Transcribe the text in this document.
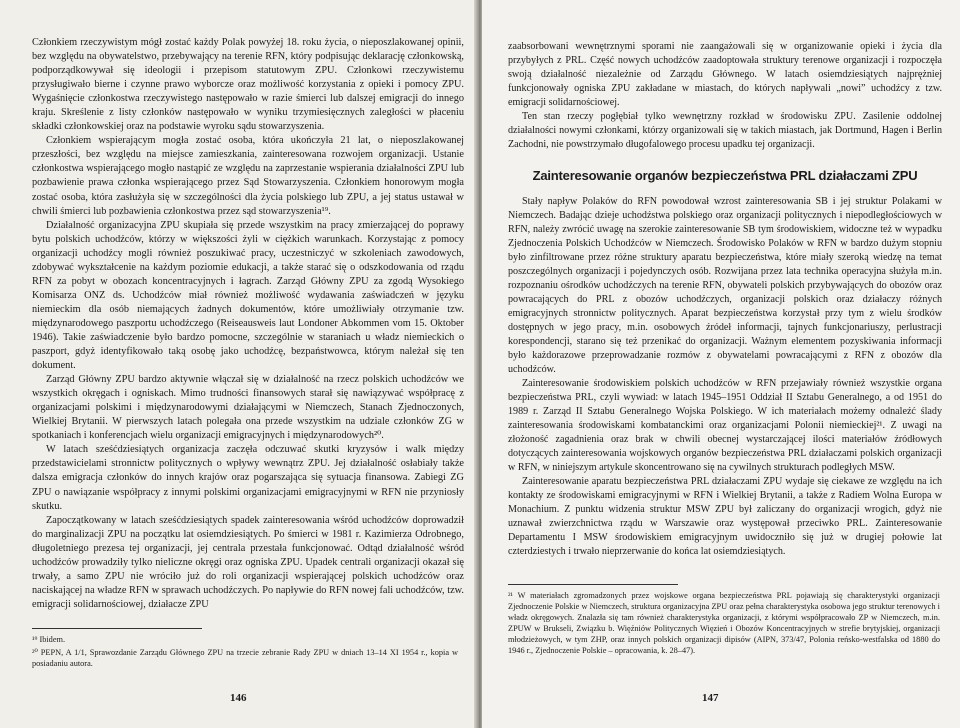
Członkiem rzeczywistym mógł zostać każdy Polak powyżej 18. roku życia, o nieposzlakowanej opinii, bez względu na obywatelstwo, przebywający na terenie RFN, który podpisując deklarację członkowską, podporządkowywał się ideologii i przepisom statutowym ZPU. Członkowi rzeczywistemu przysługiwało bierne i czynne prawo wyborcze oraz możliwość korzystania z opieki i pomocy ZPU. Wygaśnięcie członkostwa rzeczywistego następowało w razie śmierci lub dalszej emigracji do innego kraju. Skreślenie z listy członków następowało w wyniku trzymiesięcznych zaległości w płaceniu składki członkowskiej oraz na podstawie wyroku sądu stowarzyszenia.

Członkiem wspierającym mogła zostać osoba, która ukończyła 21 lat, o nieposzlakowanej przeszłości, bez względu na miejsce zamieszkania, zainteresowana rozwojem organizacji. Ustanie członkostwa wspierającego mogło nastąpić ze względu na zaprzestanie wspierania działalności ZPU lub pozbawienie prawa członka wspierającego przez Sąd Stowarzyszenia. Członkiem honorowym mogła zostać osoba, która zasłużyła się w szczególności dla życia polskiego lub ZPU, a jej status ustawał w chwili śmierci lub pozbawienia członkostwa przez sąd stowarzyszenia¹⁹.

Działalność organizacyjna ZPU skupiała się przede wszystkim na pracy zmierzającej do poprawy bytu polskich uchodźców, którzy w większości żyli w ciężkich warunkach. Korzystając z pomocy organizacji uchodźcy mogli również poszukiwać pracy, uczestniczyć w szkoleniach zawodowych, zdobywać wykształcenie na każdym poziomie edukacji, a także starać się o odszkodowania od rządu RFN za pobyt w obozach koncentracyjnych i łagrach. Zarząd Główny ZPU za zgodą Wysokiego Komisarza ONZ ds. Uchodźców miał również możliwość wydawania zaświadczeń w języku niemieckim dla osób niemających żadnych dokumentów, które umożliwiały otrzymanie tzw. międzynarodowego paszportu uchodźczego (Reiseausweis laut Londoner Abkommen vom 15. Oktober 1946). Takie zaświadczenie było bardzo pomocne, szczególnie w staraniach u władz niemieckich o paszport, gdyż identyfikowało taką osobę jako uchodźcę, bezpaństwowca, którym należał się ten dokument.

Zarząd Główny ZPU bardzo aktywnie włączał się w działalność na rzecz polskich uchodźców we wszystkich okręgach i ogniskach. Mimo trudności finansowych starał się nawiązywać współpracę z organizacjami polskimi i międzynarodowymi działającymi w Niemczech, Stanach Zjednoczonych, Wielkiej Brytanii. W pierwszych latach polegała ona przede wszystkim na udziale członków ZG w spotkaniach i konferencjach wielu organizacji emigracyjnych i międzynarodowych²⁰.

W latach sześćdziesiątych organizacja zaczęła odczuwać skutki kryzysów i walk między przedstawicielami stronnictw politycznych o wpływy wewnątrz ZPU. Jej działalność osłabiały także dalsza emigracja członków do innych krajów oraz pogarszająca się sytuacja finansowa. Zabiegi ZG ZPU o nawiązanie współpracy z innymi polskimi organizacjami emigracyjnymi w RFN nie przyniosły skutku.

Zapoczątkowany w latach sześćdziesiątych spadek zainteresowania wśród uchodźców doprowadził do marginalizacji ZPU na początku lat osiemdziesiątych. Po śmierci w 1981 r. Kazimierza Odrobnego, długoletniego prezesa tej organizacji, jej centrala przestała funkcjonować. Odtąd działalność wśród uchodźców prowadziły tylko nieliczne okręgi oraz ogniska ZPU. Upadek centrali organizacji okazał się trwały, a samo ZPU nie wróciło już do roli organizacji wspierającej polskich uchodźców oraz naciskającej na władze RFN w sprawach uchodźczych. Po napływie do RFN nowej fali uchodźców, tzw. emigracji solidarnościowej, działacze ZPU

¹⁹ Ibidem.

²⁰ PEPN, A 1/1, Sprawozdanie Zarządu Głównego ZPU na trzecie zebranie Rady ZPU w dniach 13–14 XI 1954 r., kopia w posiadaniu autora.

146

zaabsorbowani wewnętrznymi sporami nie zaangażowali się w organizowanie opieki i życia dla przybyłych z PRL. Część nowych uchodźców zaadoptowała struktury terenowe organizacji i rozpoczęła swoją działalność niezależnie od Zarządu Głównego. W latach osiemdziesiątych najprężniej funkcjonowały ogniska ZPU zakładane w miastach, do których napływali „nowi” uchodźcy z tzw. emigracji solidarnościowej.

Ten stan rzeczy pogłębiał tylko wewnętrzny rozkład w środowisku ZPU. Zasilenie oddolnej działalności nowymi członkami, którzy organizowali się w takich miastach, jak Dortmund, Hagen i Berlin Zachodni, nie powstrzymało długofalowego procesu upadku tej organizacji.

Zainteresowanie organów bezpieczeństwa PRL działaczami ZPU

Stały napływ Polaków do RFN powodował wzrost zainteresowania SB i jej struktur Polakami w Niemczech. Badając dzieje uchodźstwa polskiego oraz organizacji politycznych i niepodległościowych w RFN, należy zwrócić uwagę na szerokie zainteresowanie SB tym środowiskiem, widoczne też w wypadku Zjednoczenia Polskich Uchodźców w Niemczech. Środowisko Polaków w RFN w bardzo dużym stopniu było zinfiltrowane przez różne struktury aparatu bezpieczeństwa, które miały szeroką wiedzę na temat poszczególnych organizacji i pojedynczych osób. Rozwijana przez lata technika operacyjna służyła m.in. rozpoznaniu ośrodków uchodźczych na terenie RFN, obywateli polskich przybywających do obozów oraz powracających do PRL z obozów uchodźczych, organizacji polskich oraz działaczy różnych emigracyjnych stronnictw politycznych. Aparat bezpieczeństwa korzystał przy tym z wielu środków dostępnych w jego pracy, m.in. osobowych źródeł informacji, tajnych funkcjonariuszy, perlustracji korespondencji, starano się też przenikać do organizacji. Ważnym elementem pozyskiwania informacji było każdorazowe przeprowadzanie rozmów z obywatelami powracającymi z RFN z obozów dla uchodźców.

Zainteresowanie środowiskiem polskich uchodźców w RFN przejawiały również wszystkie organa bezpieczeństwa PRL, czyli wywiad: w latach 1945–1951 Oddział II Sztabu Generalnego, a od 1951 do 1989 r. Zarząd II Sztabu Generalnego Wojska Polskiego. W ich materiałach możemy odnaleźć ślady zainteresowania środowiskami kombatanckimi oraz organizacjami Polonii niemieckiej²¹. Z uwagi na złożoność zagadnienia oraz brak w chwili obecnej wystarczającej ilości materiałów źródłowych dotyczących zainteresowania wojskowych organów bezpieczeństwa PRL działaczami polskich organizacji w RFN, w niniejszym artykule skoncentrowano się na cywilnych strukturach podległych MSW.

Zainteresowanie aparatu bezpieczeństwa PRL działaczami ZPU wydaje się ciekawe ze względu na ich kontakty ze środowiskami emigracyjnymi w RFN i Wielkiej Brytanii, a także z Radiem Wolna Europa w Monachium. Z punktu widzenia struktur MSW ZPU był zaliczany do organizacji wrogich, gdyż nie uznawał zwierzchnictwa rządu w Warszawie oraz występował przeciwko PRL. Zainteresowanie Departamentu I MSW środowiskiem emigracyjnym uwidoczniło się już w drugiej połowie lat czterdziestych i trwało nieprzerwanie do końca lat osiemdziesiątych.

²¹ W materiałach zgromadzonych przez wojskowe organa bezpieczeństwa PRL pojawiają się charakterystyki organizacji Zjednoczenie Polskie w Niemczech, struktura organizacyjna ZPU oraz pełna charakterystyka osobowa jego struktur terenowych i władz okręgowych. Znalazła się tam również charakterystyka organizacji, z którymi współpracowało ZP w Niemczech, m.in. ZPUW w Brukseli, Związku b. Więźniów Politycznych Więzień i Obozów Koncentracyjnych w strefie brytyjskiej, organizacji młodzieżowych, w tym ZHP, oraz innych polskich organizacji dipisów (AIPN, 373/47, Polonia reńsko-westfalska od 1880 do 1946 r., Zjednoczenie Polskie – opracowania, k. 28–47).

147
